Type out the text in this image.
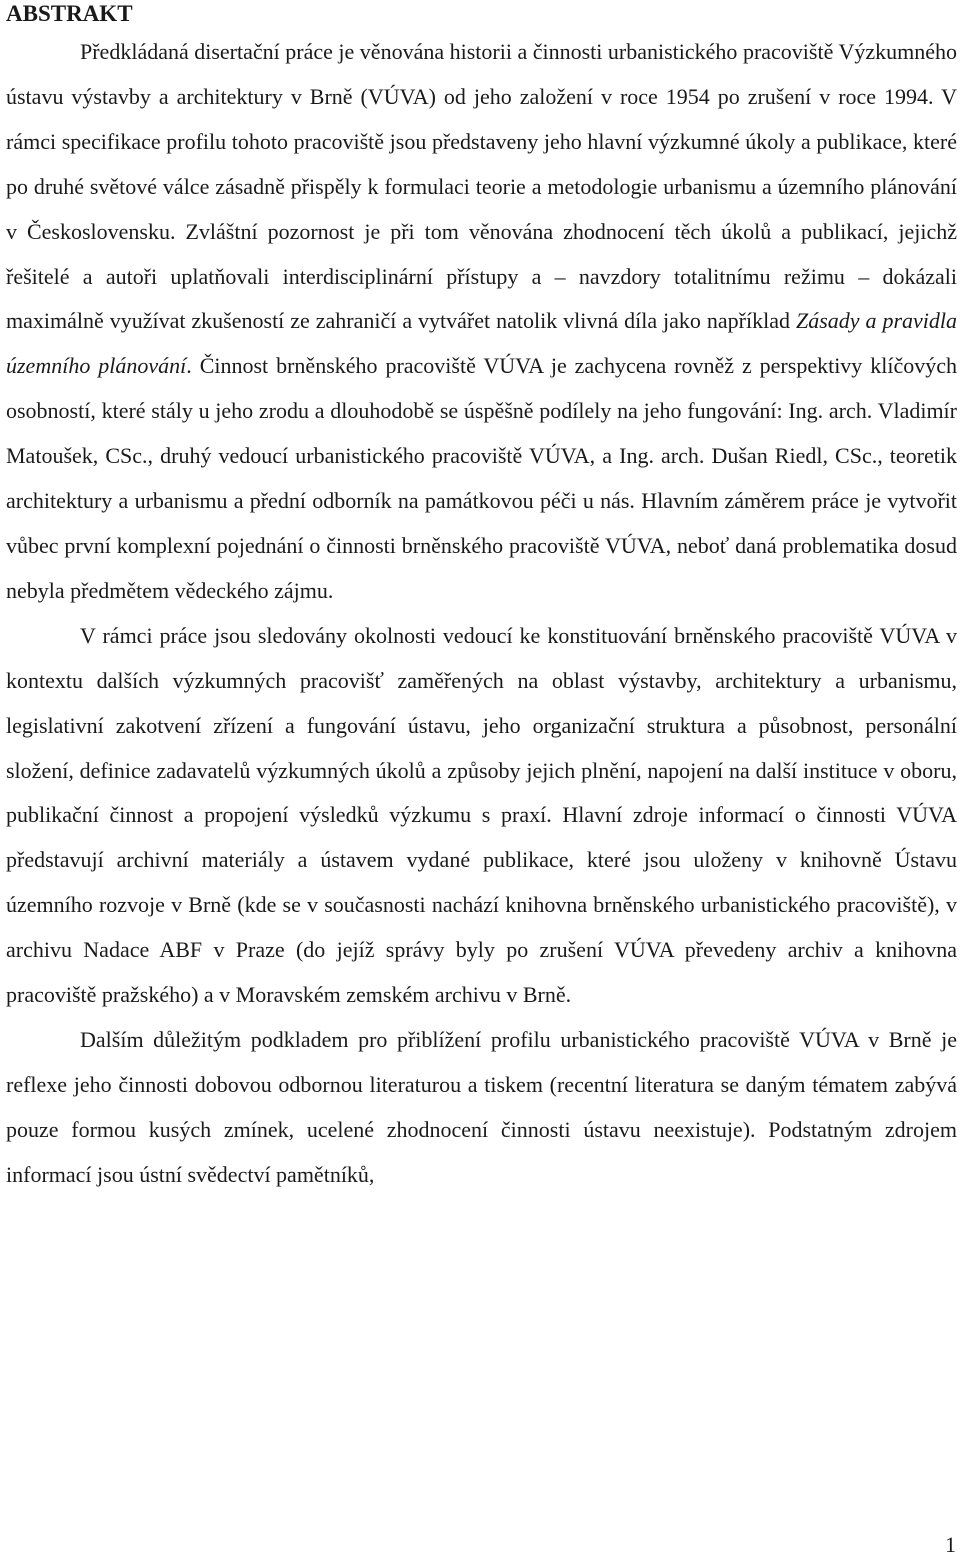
ABSTRAKT

Předkládaná disertační práce je věnována historii a činnosti urbanistického pracoviště Výzkumného ústavu výstavby a architektury v Brně (VÚVA) od jeho založení v roce 1954 po zrušení v roce 1994. V rámci specifikace profilu tohoto pracoviště jsou představeny jeho hlavní výzkumné úkoly a publikace, které po druhé světové válce zásadně přispěly k formulaci teorie a metodologie urbanismu a územního plánování v Československu. Zvláštní pozornost je při tom věnována zhodnocení těch úkolů a publikací, jejichž řešitelé a autoři uplatňovali interdisciplinární přístupy a – navzdory totalitnímu režimu – dokázali maximálně využívat zkušeností ze zahraničí a vytvářet natolik vlivná díla jako například Zásady a pravidla územního plánování. Činnost brněnského pracoviště VÚVA je zachycena rovněž z perspektivy klíčových osobností, které stály u jeho zrodu a dlouhodobě se úspěšně podílely na jeho fungování: Ing. arch. Vladimír Matoušek, CSc., druhý vedoucí urbanistického pracoviště VÚVA, a Ing. arch. Dušan Riedl, CSc., teoretik architektury a urbanismu a přední odborník na památkovou péči u nás. Hlavním záměrem práce je vytvořit vůbec první komplexní pojednání o činnosti brněnského pracoviště VÚVA, neboť daná problematika dosud nebyla předmětem vědeckého zájmu.

V rámci práce jsou sledovány okolnosti vedoucí ke konstituování brněnského pracoviště VÚVA v kontextu dalších výzkumných pracovišť zaměřených na oblast výstavby, architektury a urbanismu, legislativní zakotvení zřízení a fungování ústavu, jeho organizační struktura a působnost, personální složení, definice zadavatelů výzkumných úkolů a způsoby jejich plnění, napojení na další instituce v oboru, publikační činnost a propojení výsledků výzkumu s praxí. Hlavní zdroje informací o činnosti VÚVA představují archivní materiály a ústavem vydané publikace, které jsou uloženy v knihovně Ústavu územního rozvoje v Brně (kde se v současnosti nachází knihovna brněnského urbanistického pracoviště), v archivu Nadace ABF v Praze (do jejíž správy byly po zrušení VÚVA převedeny archiv a knihovna pracoviště pražského) a v Moravském zemském archivu v Brně.

Dalším důležitým podkladem pro přiblížení profilu urbanistického pracoviště VÚVA v Brně je reflexe jeho činnosti dobovou odbornou literaturou a tiskem (recentní literatura se daným tématem zabývá pouze formou kusých zmínek, ucelené zhodnocení činnosti ústavu neexistuje). Podstatným zdrojem informací jsou ústní svědectví pamětníků,

1
